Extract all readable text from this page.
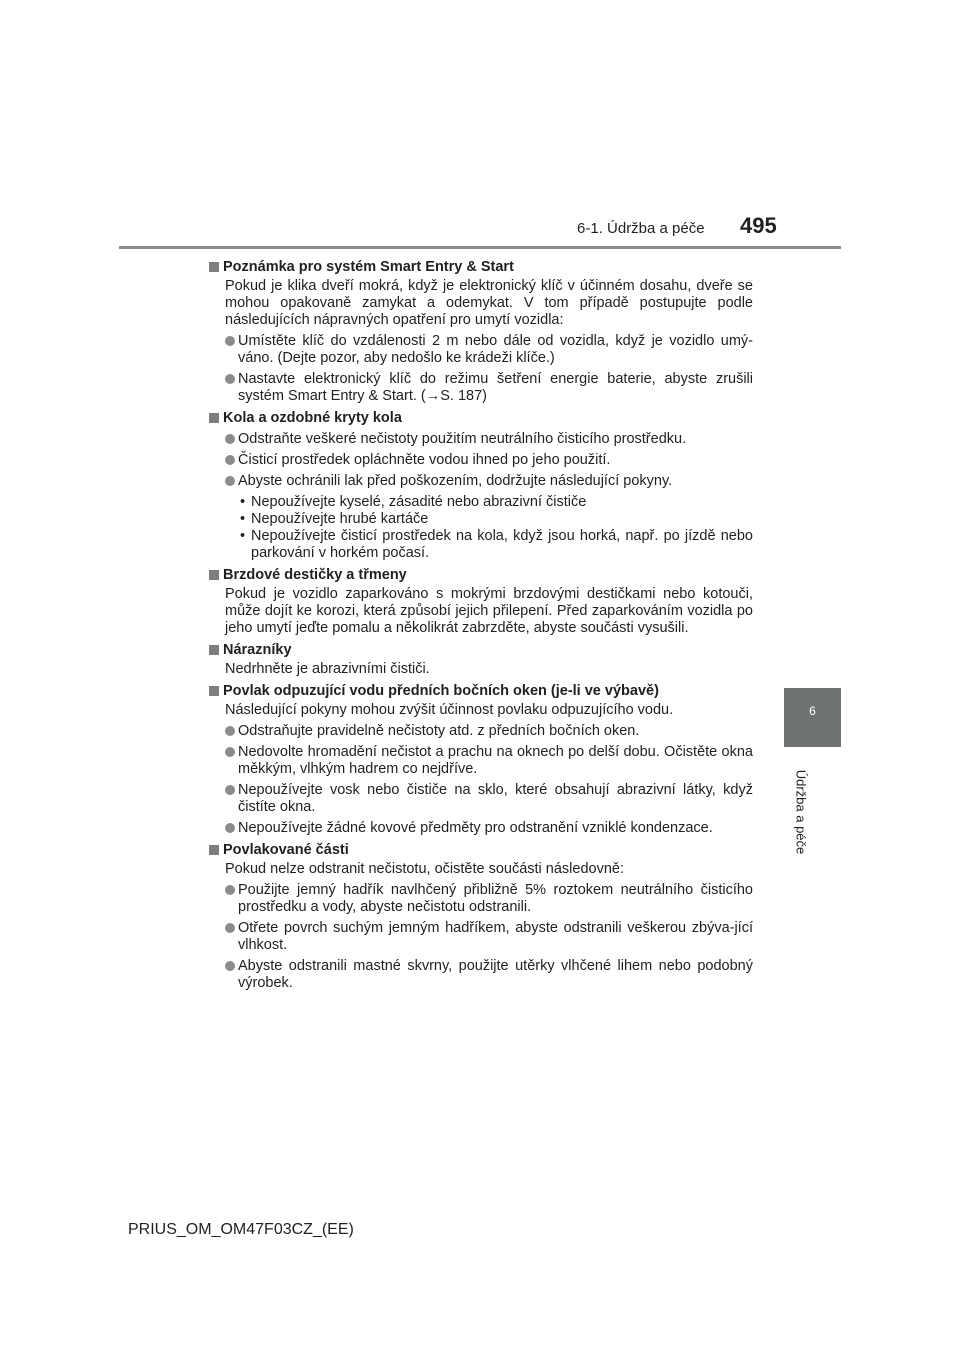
6-1. Údržba a péče 495
6
Údržba a péče
Poznámka pro systém Smart Entry & Start
Pokud je klika dveří mokrá, když je elektronický klíč v účinném dosahu, dveře se mohou opakovaně zamykat a odemykat. V tom případě postupujte podle následujících nápravných opatření pro umytí vozidla:
Umístěte klíč do vzdálenosti 2 m nebo dále od vozidla, když je vozidlo umý-váno. (Dejte pozor, aby nedošlo ke krádeži klíče.)
Nastavte elektronický klíč do režimu šetření energie baterie, abyste zrušili systém Smart Entry & Start. (→S. 187)
Kola a ozdobné kryty kola
Odstraňte veškeré nečistoty použitím neutrálního čisticího prostředku.
Čisticí prostředek opláchněte vodou ihned po jeho použití.
Abyste ochránili lak před poškozením, dodržujte následující pokyny.
• Nepoužívejte kyselé, zásadité nebo abrazivní čističe
• Nepoužívejte hrubé kartáče
• Nepoužívejte čisticí prostředek na kola, když jsou horká, např. po jízdě nebo parkování v horkém počasí.
Brzdové destičky a třmeny
Pokud je vozidlo zaparkováno s mokrými brzdovými destičkami nebo kotouči, může dojít ke korozi, která způsobí jejich přilepení. Před zaparkováním vozidla po jeho umytí jeďte pomalu a několikrát zabrzděte, abyste součásti vysušili.
Nárazníky
Nedrhněte je abrazivními čističi.
Povlak odpuzující vodu předních bočních oken (je-li ve výbavě)
Následující pokyny mohou zvýšit účinnost povlaku odpuzujícího vodu.
Odstraňujte pravidelně nečistoty atd. z předních bočních oken.
Nedovolte hromadění nečistot a prachu na oknech po delší dobu. Očistěte okna měkkým, vlhkým hadrem co nejdříve.
Nepoužívejte vosk nebo čističe na sklo, které obsahují abrazivní látky, když čistíte okna.
Nepoužívejte žádné kovové předměty pro odstranění vzniklé kondenzace.
Povlakované části
Pokud nelze odstranit nečistotu, očistěte součásti následovně:
Použijte jemný hadřík navlhčený přibližně 5% roztokem neutrálního čisticího prostředku a vody, abyste nečistotu odstranili.
Otřete povrch suchým jemným hadříkem, abyste odstranili veškerou zbýva-jící vlhkost.
Abyste odstranili mastné skvrny, použijte utěrky vlhčené lihem nebo podobný výrobek.
PRIUS_OM_OM47F03CZ_(EE)
